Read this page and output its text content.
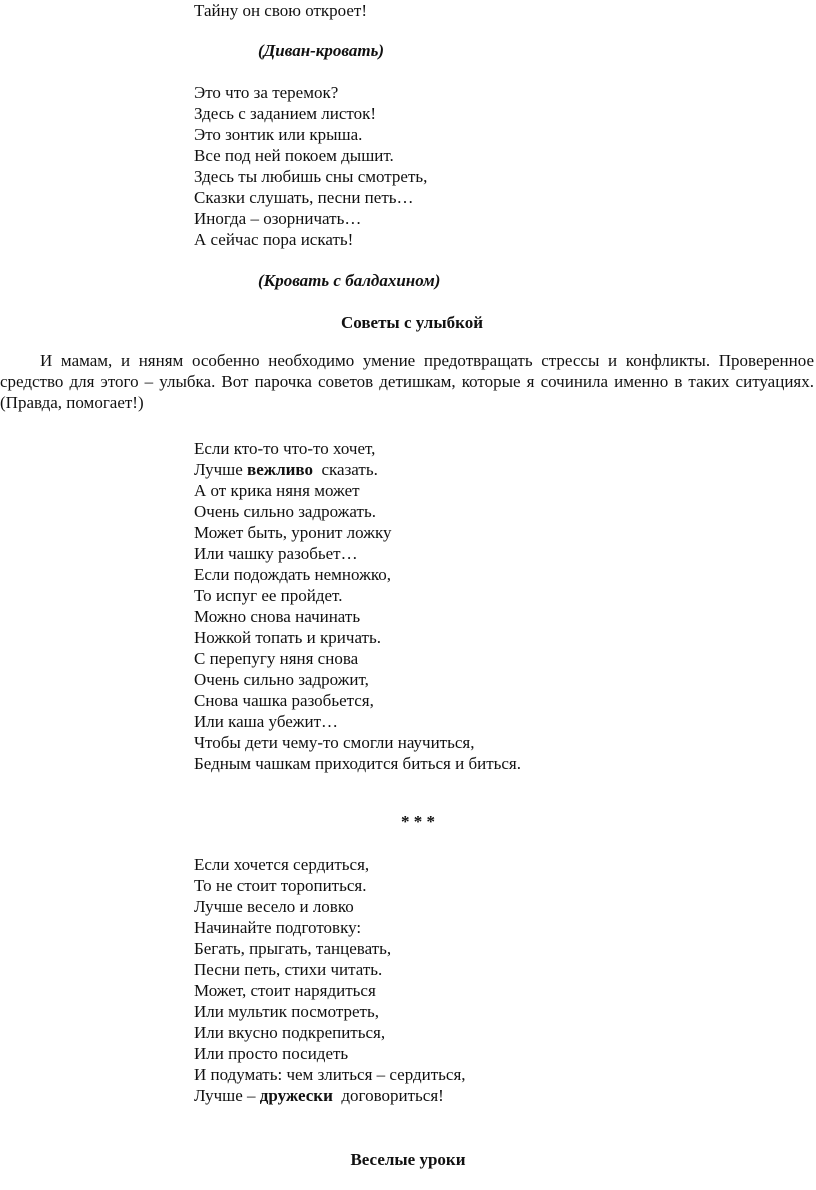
Тайну он свою откроет!
(Диван-кровать)
Это что за теремок?
Здесь с заданием листок!
Это зонтик или крыша.
Все под ней покоем дышит.
Здесь ты любишь сны смотреть,
Сказки слушать, песни петь…
Иногда – озорничать…
А сейчас пора искать!
(Кровать с балдахином)
Советы с улыбкой
И мамам, и няням особенно необходимо умение предотвращать стрессы и конфликты. Проверенное средство для этого – улыбка. Вот парочка советов детишкам, которые я сочинила именно в таких ситуациях. (Правда, помогает!)
Если кто-то что-то хочет,
Лучше вежливо  сказать.
А от крика няня может
Очень сильно задрожать.
Может быть, уронит ложку
Или чашку разобьет…
Если подождать немножко,
То испуг ее пройдет.
Можно снова начинать
Ножкой топать и кричать.
С перепугу няня снова
Очень сильно задрожит,
Снова чашка разобьется,
Или каша убежит…
Чтобы дети чему-то смогли научиться,
Бедным чашкам приходится биться и биться.
* * *
Если хочется сердиться,
То не стоит торопиться.
Лучше весело и ловко
Начинайте подготовку:
Бегать, прыгать, танцевать,
Песни петь, стихи читать.
Может, стоит нарядиться
Или мультик посмотреть,
Или вкусно подкрепиться,
Или просто посидеть
И подумать: чем злиться – сердиться,
Лучше – дружески  договориться!
Веселые уроки
